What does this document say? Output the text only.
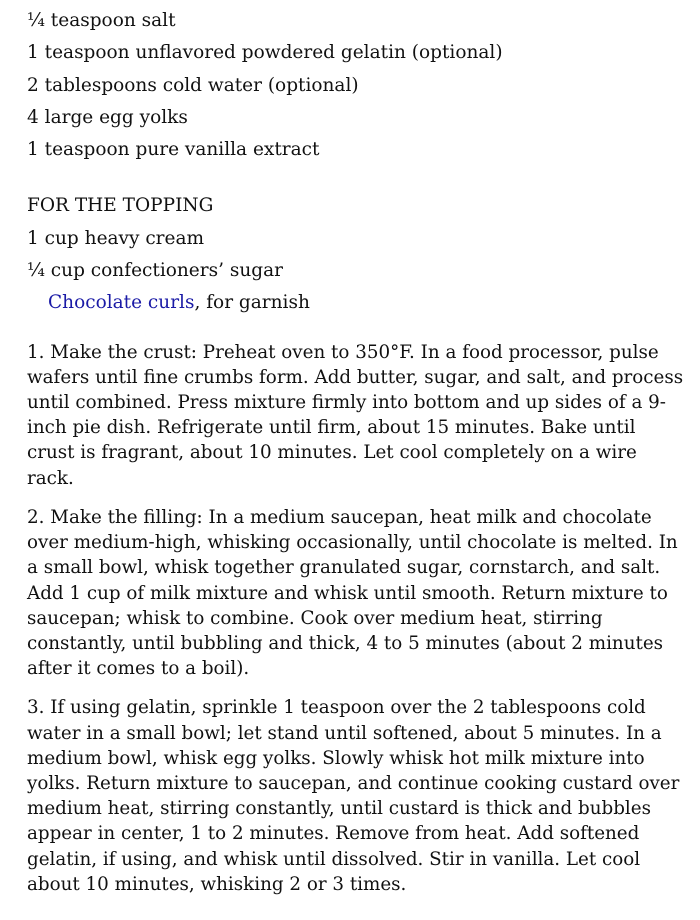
¼ teaspoon salt
1 teaspoon unflavored powdered gelatin (optional)
2 tablespoons cold water (optional)
4 large egg yolks
1 teaspoon pure vanilla extract
FOR THE TOPPING
1 cup heavy cream
¼ cup confectioners’ sugar
Chocolate curls, for garnish

1. Make the crust: Preheat oven to 350°F. In a food processor, pulse wafers until fine crumbs form. Add butter, sugar, and salt, and process until combined. Press mixture firmly into bottom and up sides of a 9-inch pie dish. Refrigerate until firm, about 15 minutes. Bake until crust is fragrant, about 10 minutes. Let cool completely on a wire rack.

2. Make the filling: In a medium saucepan, heat milk and chocolate over medium-high, whisking occasionally, until chocolate is melted. In a small bowl, whisk together granulated sugar, cornstarch, and salt. Add 1 cup of milk mixture and whisk until smooth. Return mixture to saucepan; whisk to combine. Cook over medium heat, stirring constantly, until bubbling and thick, 4 to 5 minutes (about 2 minutes after it comes to a boil).

3. If using gelatin, sprinkle 1 teaspoon over the 2 tablespoons cold water in a small bowl; let stand until softened, about 5 minutes. In a medium bowl, whisk egg yolks. Slowly whisk hot milk mixture into yolks. Return mixture to saucepan, and continue cooking custard over medium heat, stirring constantly, until custard is thick and bubbles appear in center, 1 to 2 minutes. Remove from heat. Add softened gelatin, if using, and whisk until dissolved. Stir in vanilla. Let cool about 10 minutes, whisking 2 or 3 times.
